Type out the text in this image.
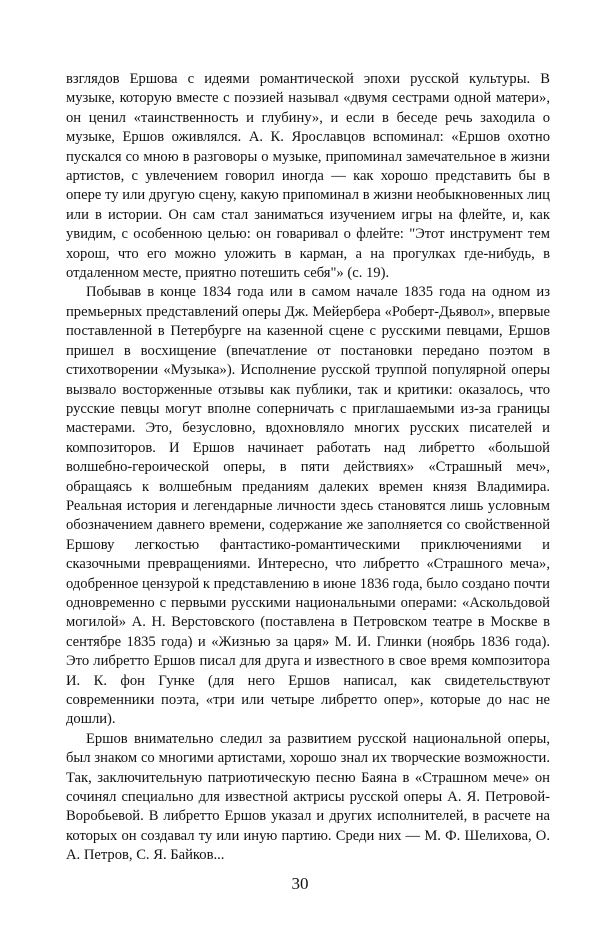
взглядов Ершова с идеями романтической эпохи русской культуры. В музыке, которую вместе с поэзией называл «двумя сестрами одной матери», он ценил «таинственность и глубину», и если в беседе речь заходила о музыке, Ершов оживлялся. А. К. Ярославцов вспоминал: «Ершов охотно пускался со мною в разговоры о музыке, припоминал замечательное в жизни артистов, с увлечением говорил иногда — как хорошо представить бы в опере ту или другую сцену, какую припоминал в жизни необыкновенных лиц или в истории. Он сам стал заниматься изучением игры на флейте, и, как увидим, с особенною целью: он говаривал о флейте: "Этот инструмент тем хорош, что его можно уложить в карман, а на прогулках где-нибудь, в отдаленном месте, приятно потешить себя"» (с. 19).

Побывав в конце 1834 года или в самом начале 1835 года на одном из премьерных представлений оперы Дж. Мейербера «Роберт-Дьявол», впервые поставленной в Петербурге на казенной сцене с русскими певцами, Ершов пришел в восхищение (впечатление от постановки передано поэтом в стихотворении «Музыка»). Исполнение русской труппой популярной оперы вызвало восторженные отзывы как публики, так и критики: оказалось, что русские певцы могут вполне соперничать с приглашаемыми из-за границы мастерами. Это, безусловно, вдохновляло многих русских писателей и композиторов. И Ершов начинает работать над либретто «большой волшебно-героической оперы, в пяти действиях» «Страшный меч», обращаясь к волшебным преданиям далеких времен князя Владимира. Реальная история и легендарные личности здесь становятся лишь условным обозначением давнего времени, содержание же заполняется со свойственной Ершову легкостью фантастико-романтическими приключениями и сказочными превращениями. Интересно, что либретто «Страшного меча», одобренное цензурой к представлению в июне 1836 года, было создано почти одновременно с первыми русскими национальными операми: «Аскольдовой могилой» А. Н. Верстовского (поставлена в Петровском театре в Москве в сентябре 1835 года) и «Жизнью за царя» М. И. Глинки (ноябрь 1836 года). Это либретто Ершов писал для друга и известного в свое время композитора И. К. фон Гунке (для него Ершов написал, как свидетельствуют современники поэта, «три или четыре либретто опер», которые до нас не дошли).

Ершов внимательно следил за развитием русской национальной оперы, был знаком со многими артистами, хорошо знал их творческие возможности. Так, заключительную патриотическую песню Баяна в «Страшном мече» он сочинял специально для известной актрисы русской оперы А. Я. Петровой-Воробьевой. В либретто Ершов указал и других исполнителей, в расчете на которых он создавал ту или иную партию. Среди них — М. Ф. Шелихова, О. А. Петров, С. Я. Байков...

30
